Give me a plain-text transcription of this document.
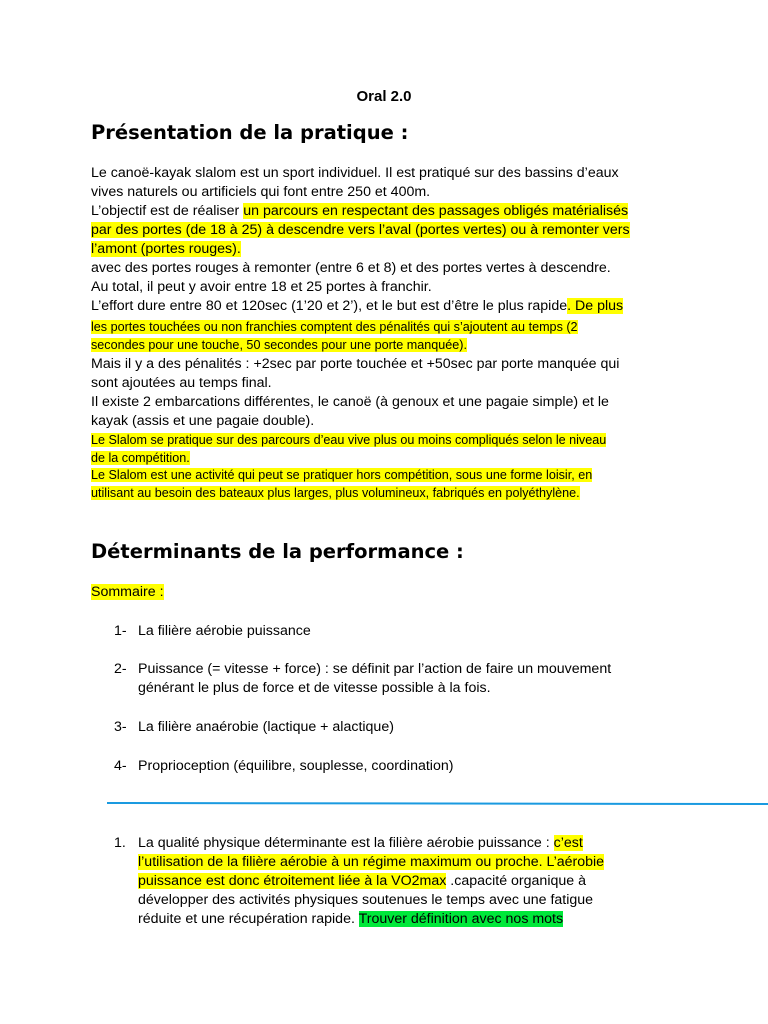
Oral 2.0
Présentation de la pratique :
Le canoë-kayak slalom est un sport individuel. Il est pratiqué sur des bassins d’eaux
vives naturels ou artificiels qui font entre 250 et 400m.
L’objectif est de réaliser un parcours en respectant des passages obligés matérialisés
par des portes (de 18 à 25) à descendre vers l’aval (portes vertes) ou à remonter vers
l’amont (portes rouges).
avec des portes rouges à remonter (entre 6 et 8) et des portes vertes à descendre.
Au total, il peut y avoir entre 18 et 25 portes à franchir.
L’effort dure entre 80 et 120sec (1’20 et 2’), et le but est d’être le plus rapide. De plus
les portes touchées ou non franchies comptent des pénalités qui s’ajoutent au temps (2
secondes pour une touche, 50 secondes pour une porte manquée).
Mais il y a des pénalités : +2sec par porte touchée et +50sec par porte manquée qui
sont ajoutées au temps final.
Il existe 2 embarcations différentes, le canoë (à genoux et une pagaie simple) et le
kayak (assis et une pagaie double).
Le Slalom se pratique sur des parcours d’eau vive plus ou moins compliqués selon le niveau
de la compétition.
Le Slalom est une activité qui peut se pratiquer hors compétition, sous une forme loisir, en
utilisant au besoin des bateaux plus larges, plus volumineux, fabriqués en polyéthylène.
Déterminants de la performance :
Sommaire :
1- La filière aérobie puissance
2- Puissance (= vitesse + force) : se définit par l’action de faire un mouvement
générant le plus de force et de vitesse possible à la fois.
3- La filière anaérobie (lactique + alactique)
4- Proprioception (équilibre, souplesse, coordination)
1. La qualité physique déterminante est la filière aérobie puissance : c’est
l’utilisation de la filière aérobie à un régime maximum ou proche. L’aérobie
puissance est donc étroitement liée à la VO2max .capacité organique à
développer des activités physiques soutenues le temps avec une fatigue
réduite et une récupération rapide. Trouver définition avec nos mots
